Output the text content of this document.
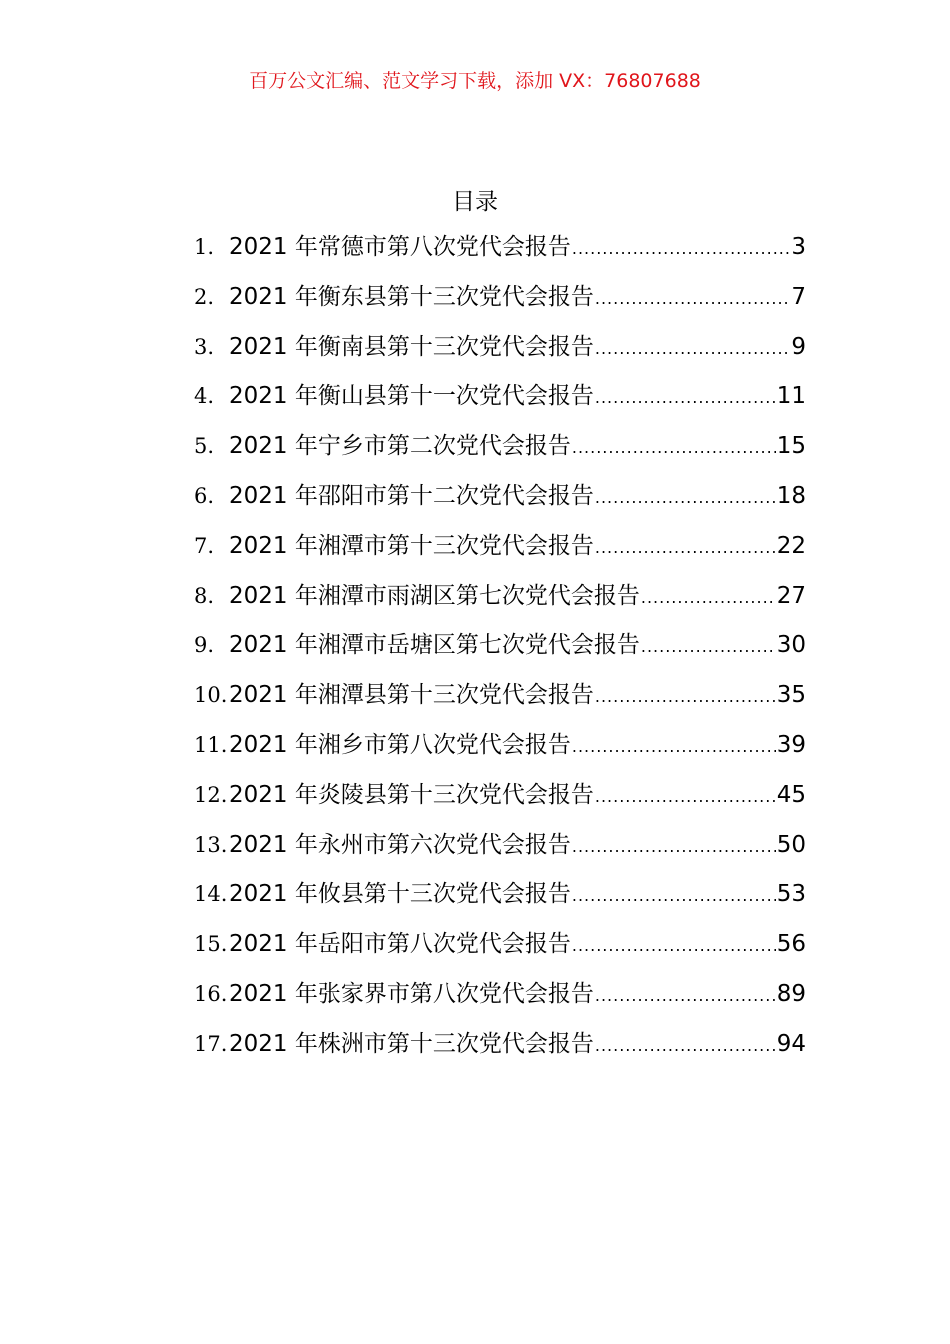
百万公文汇编、范文学习下载，添加 VX：76807688
目录
1. 2021 年常德市第八次党代会报告 .....	3
2. 2021 年衡东县第十三次党代会报告 .....	7
3. 2021 年衡南县第十三次党代会报告 .....	9
4. 2021 年衡山县第十一次党代会报告 .....	11
5. 2021 年宁乡市第二次党代会报告 .....	15
6. 2021 年邵阳市第十二次党代会报告 .....	18
7. 2021 年湘潭市第十三次党代会报告 .....	22
8. 2021 年湘潭市雨湖区第七次党代会报告 .....	27
9. 2021 年湘潭市岳塘区第七次党代会报告 .....	30
10. 2021 年湘潭县第十三次党代会报告 .....	35
11. 2021 年湘乡市第八次党代会报告 .....	39
12. 2021 年炎陵县第十三次党代会报告 .....	45
13. 2021 年永州市第六次党代会报告 .....	50
14. 2021 年攸县第十三次党代会报告 .....	53
15. 2021 年岳阳市第八次党代会报告 .....	56
16. 2021 年张家界市第八次党代会报告 .....	89
17. 2021 年株洲市第十三次党代会报告 .....	94
